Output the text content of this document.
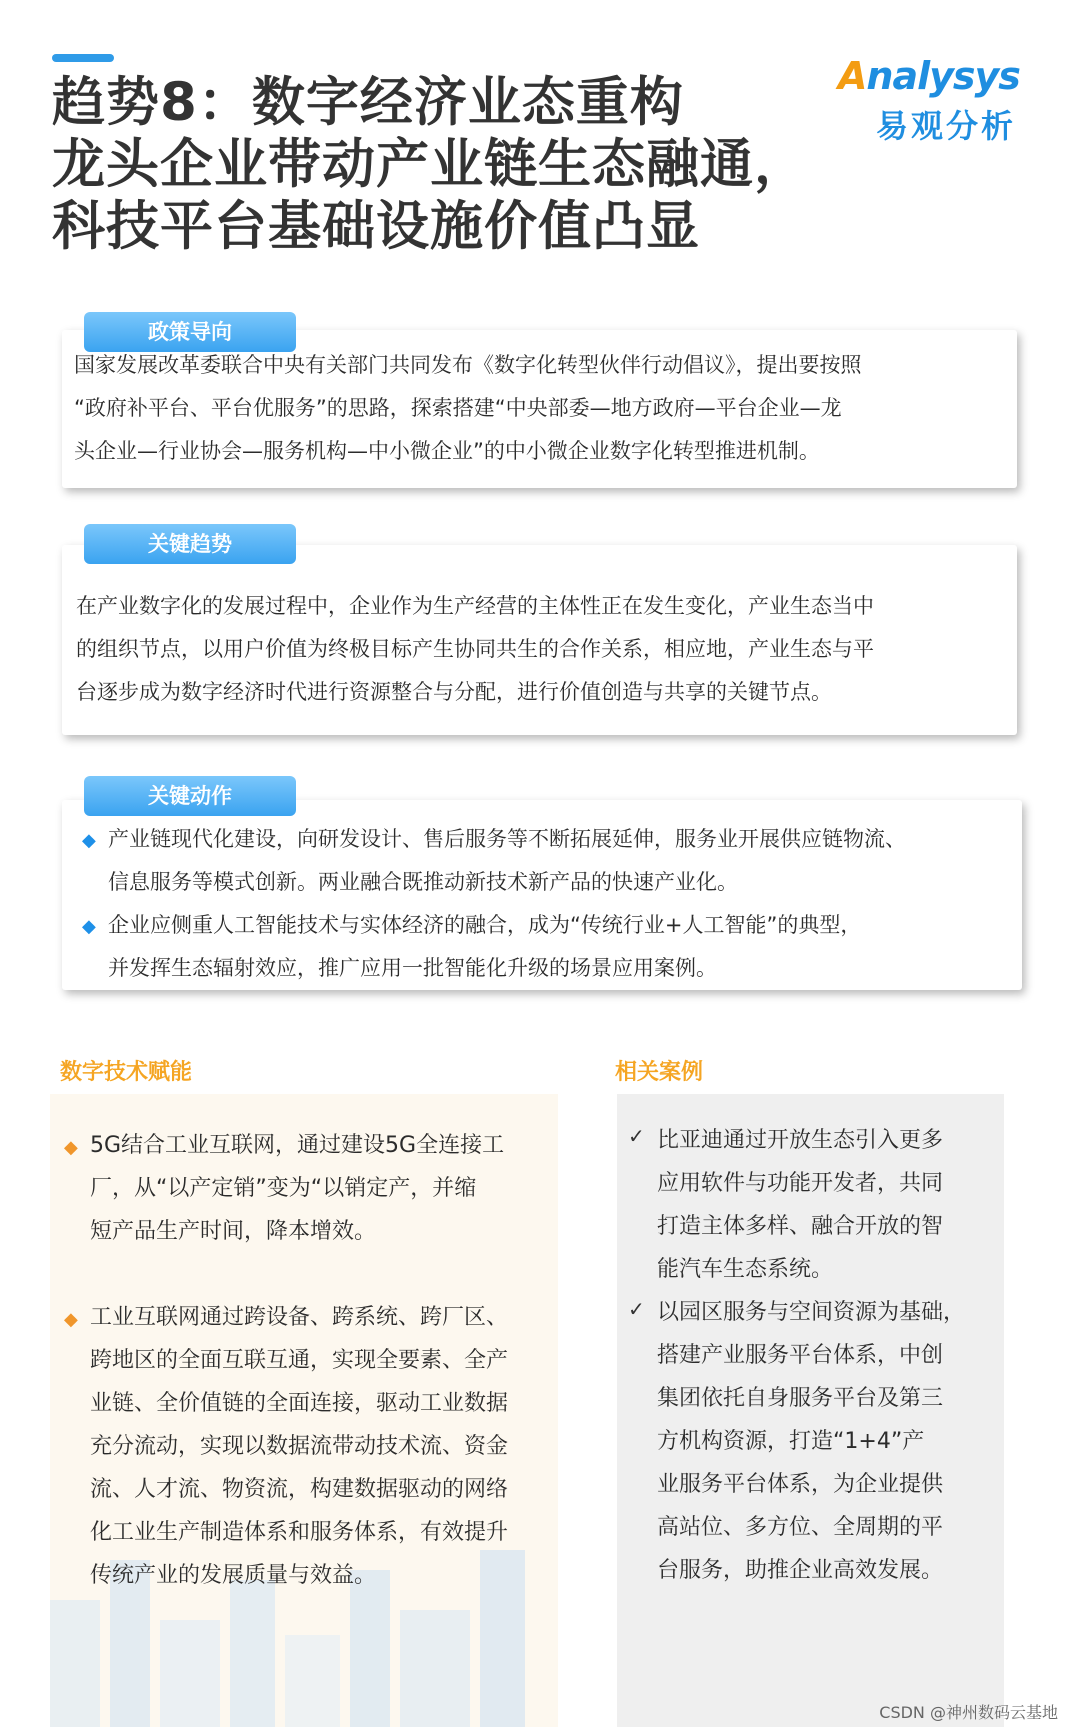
趋势8：数字经济业态重构
龙头企业带动产业链生态融通，
科技平台基础设施价值凸显
Analysys
易观分析
国家发展改革委联合中央有关部门共同发布《数字化转型伙伴行动倡议》，提出要按照
“政府补平台、平台优服务”的思路，探索搭建“中央部委—地方政府—平台企业—龙
头企业—行业协会—服务机构—中小微企业”的中小微企业数字化转型推进机制。
政策导向
在产业数字化的发展过程中，企业作为生产经营的主体性正在发生变化，产业生态当中
的组织节点，以用户价值为终极目标产生协同共生的合作关系，相应地，产业生态与平
台逐步成为数字经济时代进行资源整合与分配，进行价值创造与共享的关键节点。
关键趋势
◆ 产业链现代化建设，向研发设计、售后服务等不断拓展延伸，服务业开展供应链物流、
信息服务等模式创新。两业融合既推动新技术新产品的快速产业化。
◆ 企业应侧重人工智能技术与实体经济的融合，成为“传统行业+人工智能”的典型，
并发挥生态辐射效应，推广应用一批智能化升级的场景应用案例。
关键动作
数字技术赋能	相关案例
◆ 5G结合工业互联网，通过建设5G全连接工
厂，从“以产定销”变为“以销定产，并缩
短产品生产时间，降本增效。
◆ 工业互联网通过跨设备、跨系统、跨厂区、
跨地区的全面互联互通，实现全要素、全产
业链、全价值链的全面连接，驱动工业数据
充分流动，实现以数据流带动技术流、资金
流、人才流、物资流，构建数据驱动的网络
化工业生产制造体系和服务体系，有效提升
传统产业的发展质量与效益。
✓ 比亚迪通过开放生态引入更多
应用软件与功能开发者，共同
打造主体多样、融合开放的智
能汽车生态系统。
✓ 以园区服务与空间资源为基础，
搭建产业服务平台体系，中创
集团依托自身服务平台及第三
方机构资源，打造“1+4”产
业服务平台体系，为企业提供
高站位、多方位、全周期的平
台服务，助推企业高效发展。
CSDN @神州数码云基地
